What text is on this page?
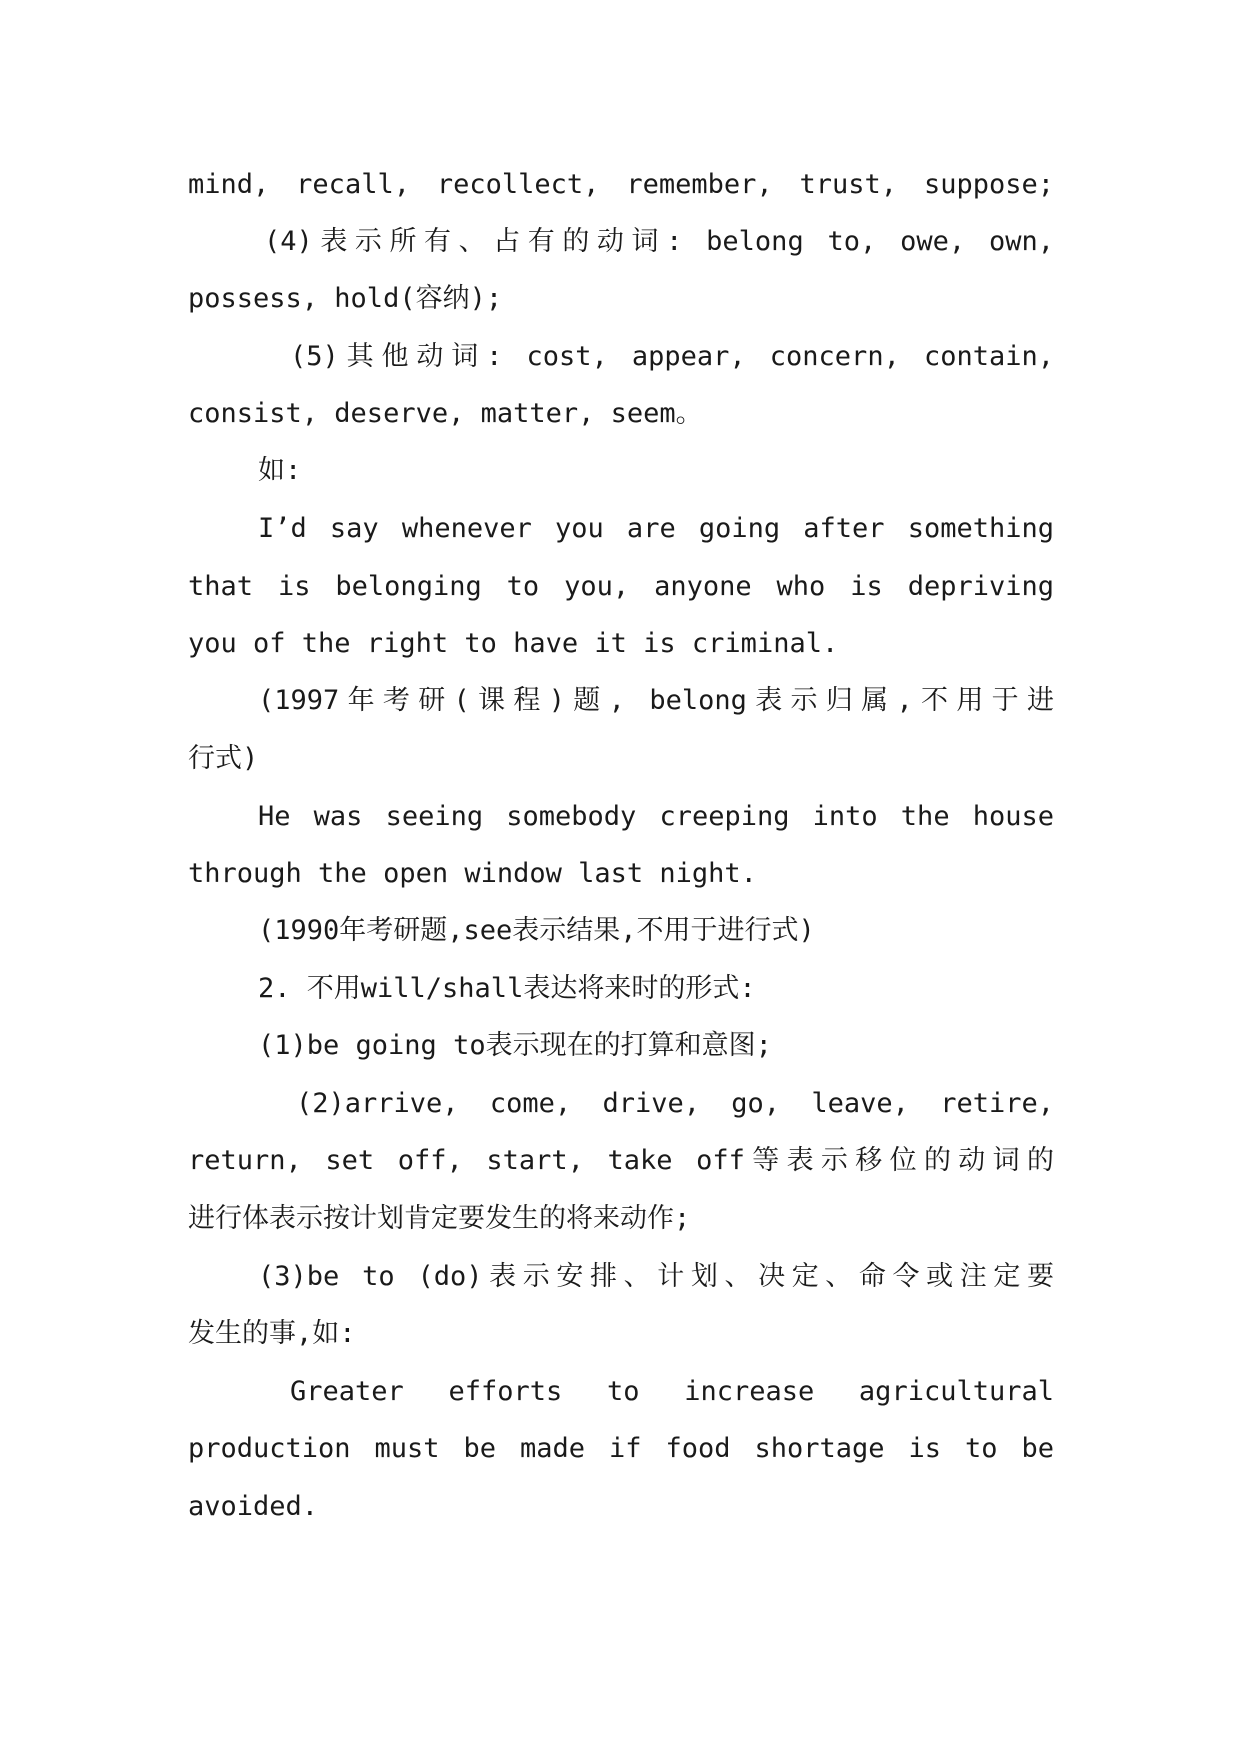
mind, recall, recollect, remember, trust, suppose;
(4)表示所有、占有的动词: belong to, owe, own,
possess, hold(容纳);
(5)其他动词: cost, appear, concern, contain,
consist, deserve, matter, seem。
如:
I’d say whenever you are going after something
that is belonging to you, anyone who is depriving
you of the right to have it is criminal.
(1997年考研(课程)题, belong表示归属,不用于进
行式)
He was seeing somebody creeping into the house
through the open window last night.
(1990年考研题,see表示结果,不用于进行式)
2. 不用will/shall表达将来时的形式:
(1)be going to表示现在的打算和意图;
(2)arrive, come, drive, go, leave, retire,
return, set off, start, take off等表示移位的动词的
进行体表示按计划肯定要发生的将来动作;
(3)be to (do)表示安排、计划、决定、命令或注定要
发生的事,如:
Greater efforts to increase agricultural
production must be made if food shortage is to be
avoided.
